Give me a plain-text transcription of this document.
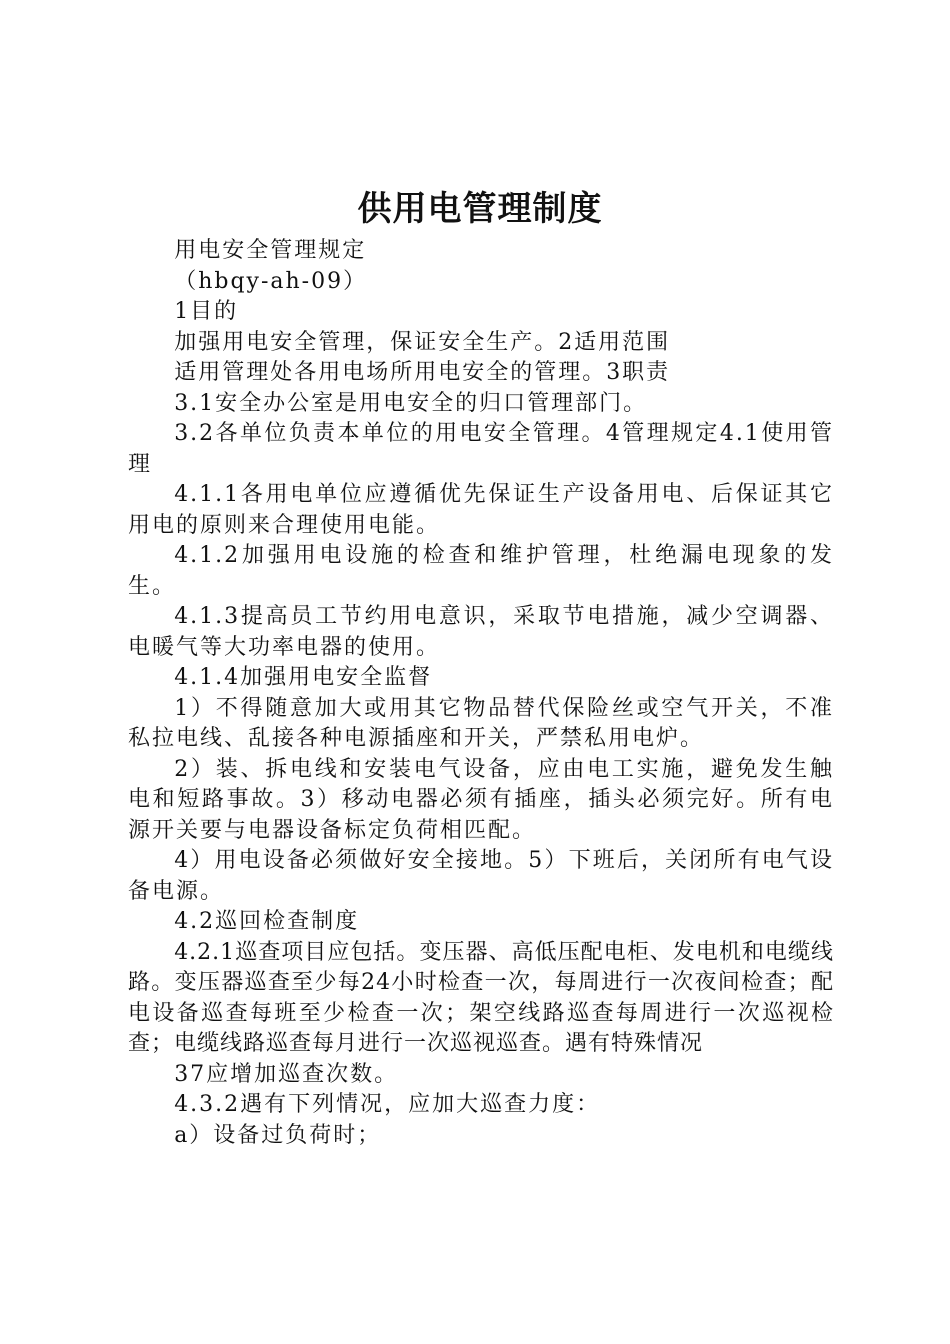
供用电管理制度

用电安全管理规定

（hbqy-ah-09）

1目的

加强用电安全管理，保证安全生产。2适用范围

适用管理处各用电场所用电安全的管理。3职责

3.1安全办公室是用电安全的归口管理部门。

3.2各单位负责本单位的用电安全管理。4管理规定4.1使用管理

4.1.1各用电单位应遵循优先保证生产设备用电、后保证其它用电的原则来合理使用电能。

4.1.2加强用电设施的检查和维护管理，杜绝漏电现象的发生。

4.1.3提高员工节约用电意识，采取节电措施，减少空调器、电暖气等大功率电器的使用。

4.1.4加强用电安全监督

1）不得随意加大或用其它物品替代保险丝或空气开关，不准私拉电线、乱接各种电源插座和开关，严禁私用电炉。

2）装、拆电线和安装电气设备，应由电工实施，避免发生触电和短路事故。3）移动电器必须有插座，插头必须完好。所有电源开关要与电器设备标定负荷相匹配。

4）用电设备必须做好安全接地。5）下班后，关闭所有电气设备电源。

4.2巡回检查制度

4.2.1巡查项目应包括。变压器、高低压配电柜、发电机和电缆线路。变压器巡查至少每24小时检查一次，每周进行一次夜间检查；配电设备巡查每班至少检查一次；架空线路巡查每周进行一次巡视检查；电缆线路巡查每月进行一次巡视巡查。遇有特殊情况

37应增加巡查次数。

4.3.2遇有下列情况，应加大巡查力度：

a）设备过负荷时；
